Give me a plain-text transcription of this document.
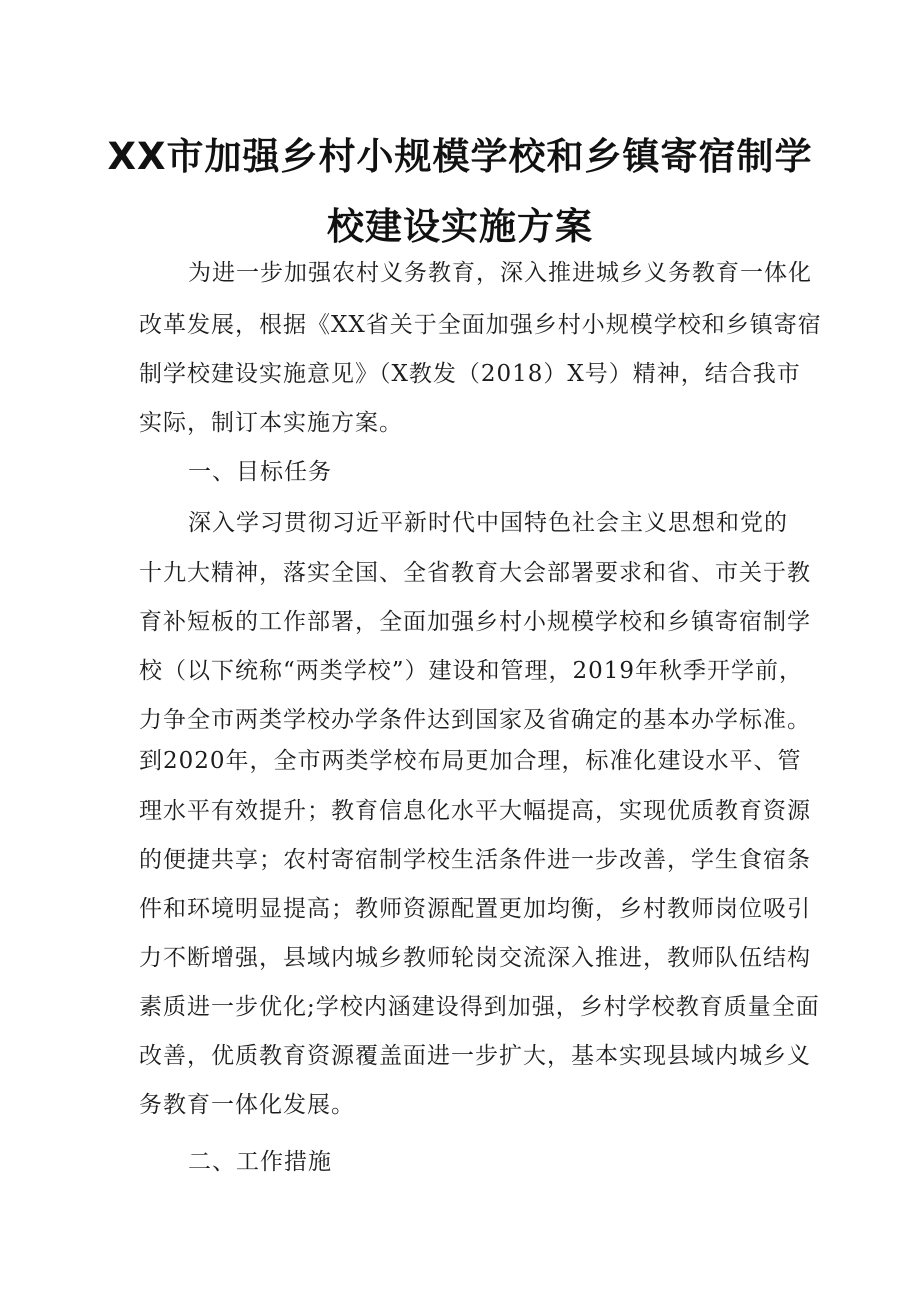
XX市加强乡村小规模学校和乡镇寄宿制学
校建设实施方案
为进一步加强农村义务教育，深入推进城乡义务教育一体化
改革发展，根据《XX省关于全面加强乡村小规模学校和乡镇寄宿
制学校建设实施意见》（X教发（2018）X号）精神，结合我市
实际，制订本实施方案。
一、目标任务
深入学习贯彻习近平新时代中国特色社会主义思想和党的
十九大精神，落实全国、全省教育大会部署要求和省、市关于教
育补短板的工作部署，全面加强乡村小规模学校和乡镇寄宿制学
校（以下统称“两类学校”）建设和管理，2019年秋季开学前，
力争全市两类学校办学条件达到国家及省确定的基本办学标准。
到2020年，全市两类学校布局更加合理，标准化建设水平、管
理水平有效提升；教育信息化水平大幅提高，实现优质教育资源
的便捷共享；农村寄宿制学校生活条件进一步改善，学生食宿条
件和环境明显提高；教师资源配置更加均衡，乡村教师岗位吸引
力不断增强，县域内城乡教师轮岗交流深入推进，教师队伍结构
素质进一步优化;学校内涵建设得到加强，乡村学校教育质量全面
改善，优质教育资源覆盖面进一步扩大，基本实现县域内城乡义
务教育一体化发展。
二、工作措施
